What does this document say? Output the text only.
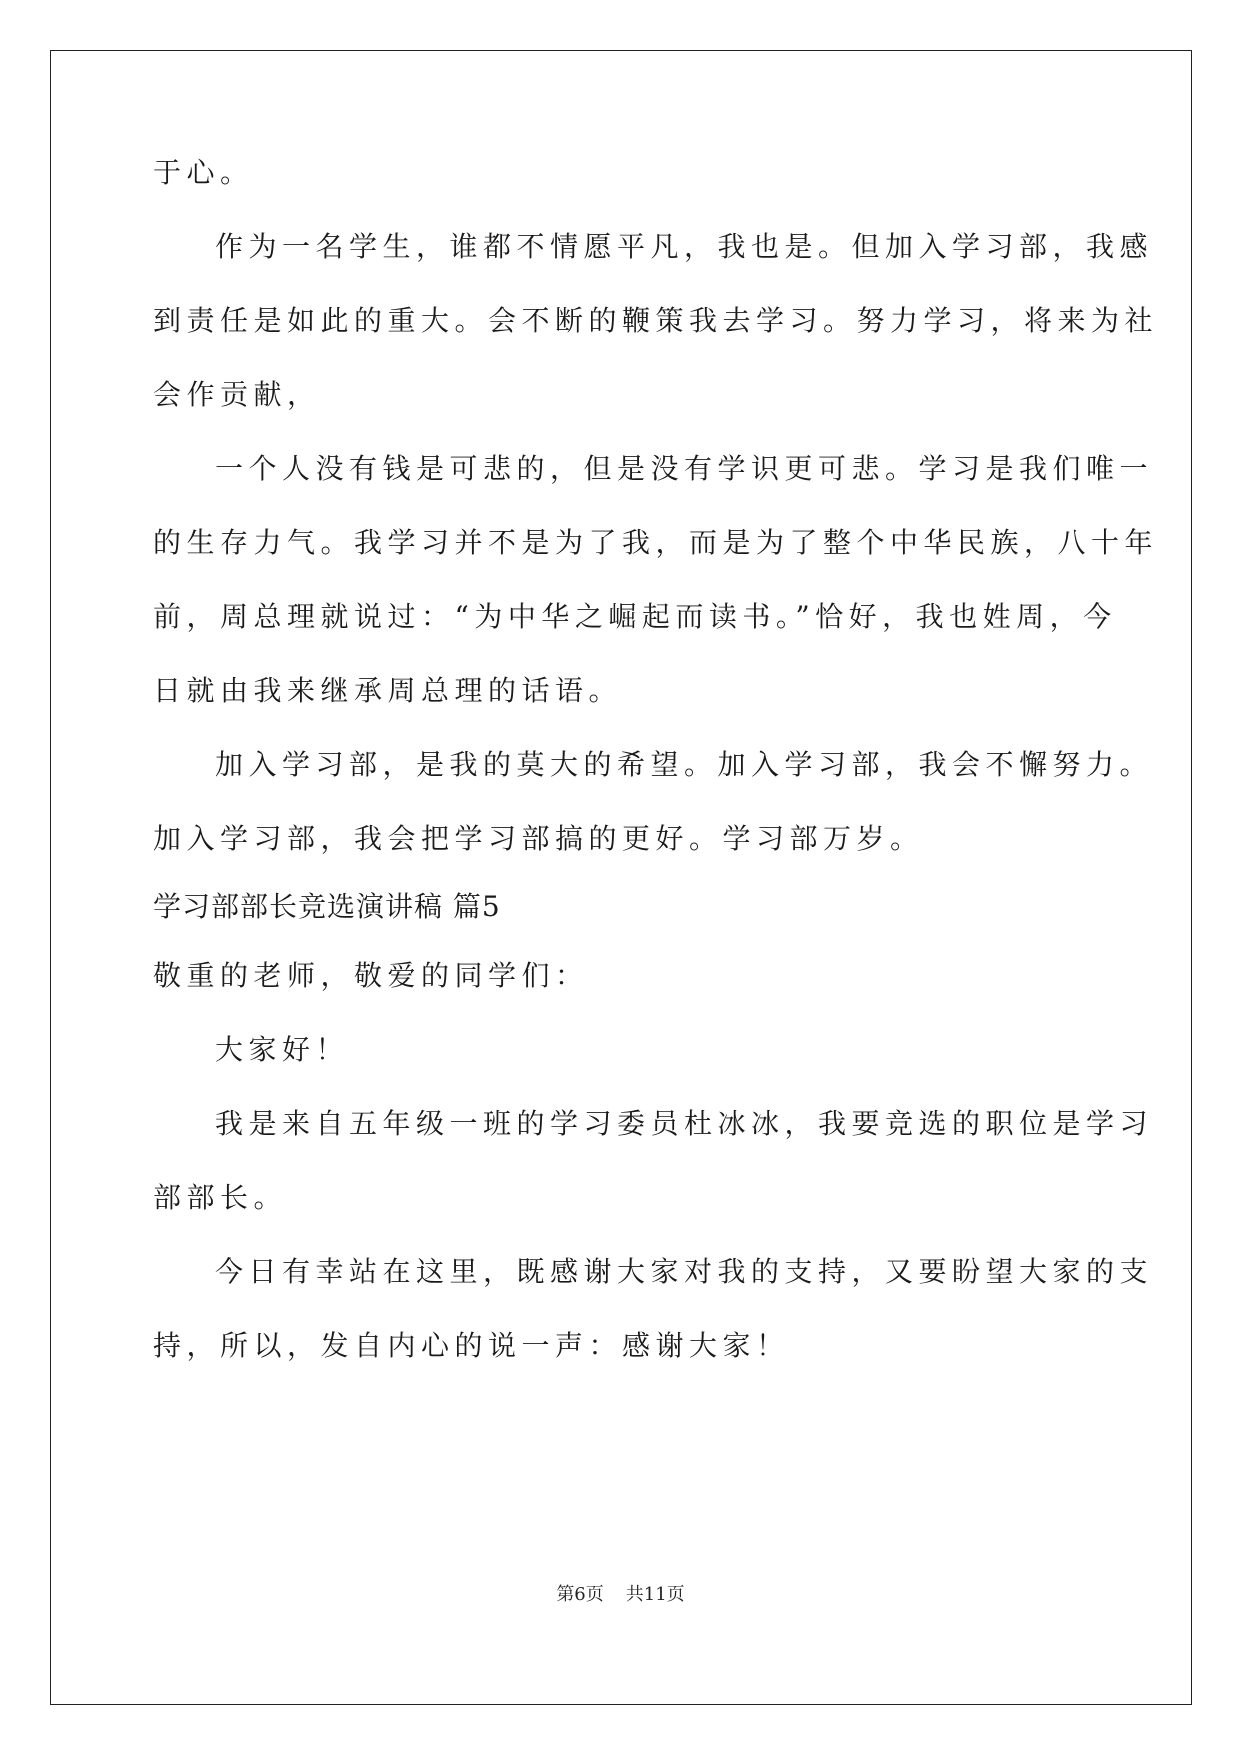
于心。
作为一名学生，谁都不情愿平凡，我也是。但加入学习部，我感
到责任是如此的重大。会不断的鞭策我去学习。努力学习，将来为社
会作贡献，
一个人没有钱是可悲的，但是没有学识更可悲。学习是我们唯一
的生存力气。我学习并不是为了我，而是为了整个中华民族，八十年
前，周总理就说过：“为中华之崛起而读书。”恰好，我也姓周，今
日就由我来继承周总理的话语。
加入学习部，是我的莫大的希望。加入学习部，我会不懈努力。
加入学习部，我会把学习部搞的更好。学习部万岁。
学习部部长竞选演讲稿 篇5
敬重的老师，敬爱的同学们：
大家好！
我是来自五年级一班的学习委员杜冰冰，我要竞选的职位是学习
部部长。
今日有幸站在这里，既感谢大家对我的支持，又要盼望大家的支
持，所以，发自内心的说一声：感谢大家！
第6页 共11页
